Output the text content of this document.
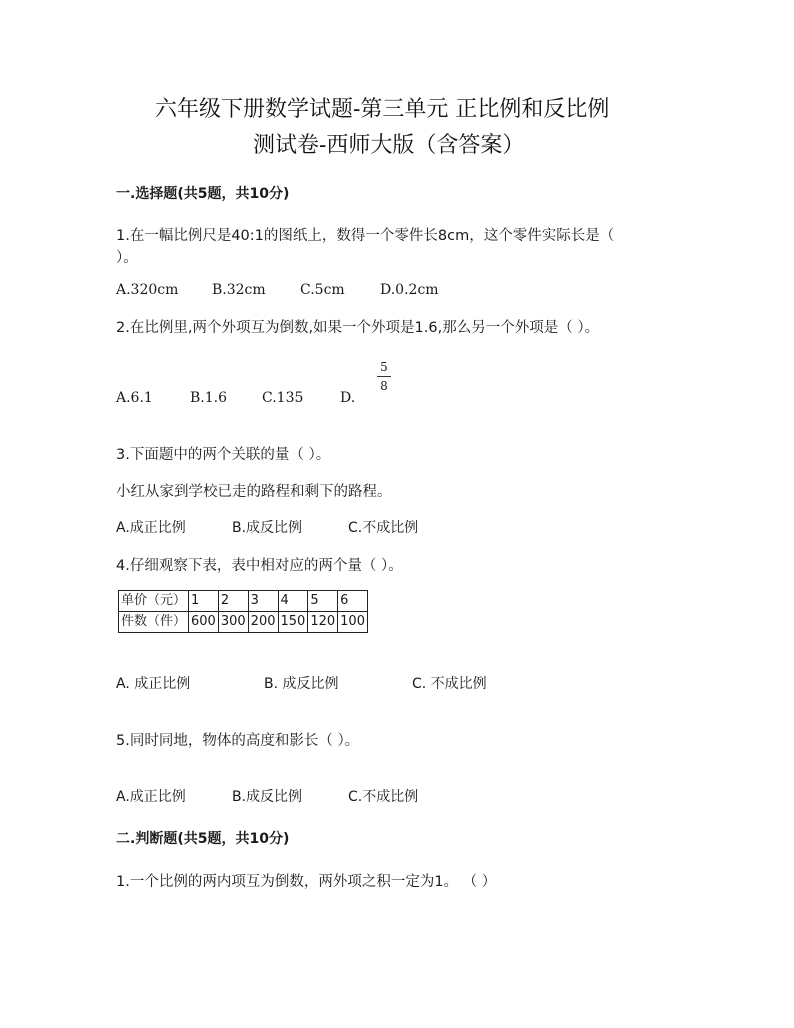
六年级下册数学试题-第三单元 正比例和反比例
测试卷-西师大版（含答案）
一.选择题(共5题，共10分)
1.在一幅比例尺是40:1的图纸上，数得一个零件长8cm，这个零件实际长是（
）。
A.320cm B.32cm C.5cm	D.0.2cm
2.在比例里,两个外项互为倒数,如果一个外项是1.6,那么另一个外项是（ ）。
A.6.1	B.1.6 C.135	D.
5
8
3.下面题中的两个关联的量（ ）。
小红从家到学校已走的路程和剩下的路程。
A.成正比例	B.成反比例	C.不成比例
4.仔细观察下表，表中相对应的两个量（ ）。
单价（元）	1	2	3	4	5	6
件数（件）	600	300	200	150	120	100
A. 成正比例	B. 成反比例	C. 不成比例
5.同时同地，物体的高度和影长（ ）。
A.成正比例	B.成反比例	C.不成比例
二.判断题(共5题，共10分)
1.一个比例的两内项互为倒数，两外项之积一定为1。 （ ）
